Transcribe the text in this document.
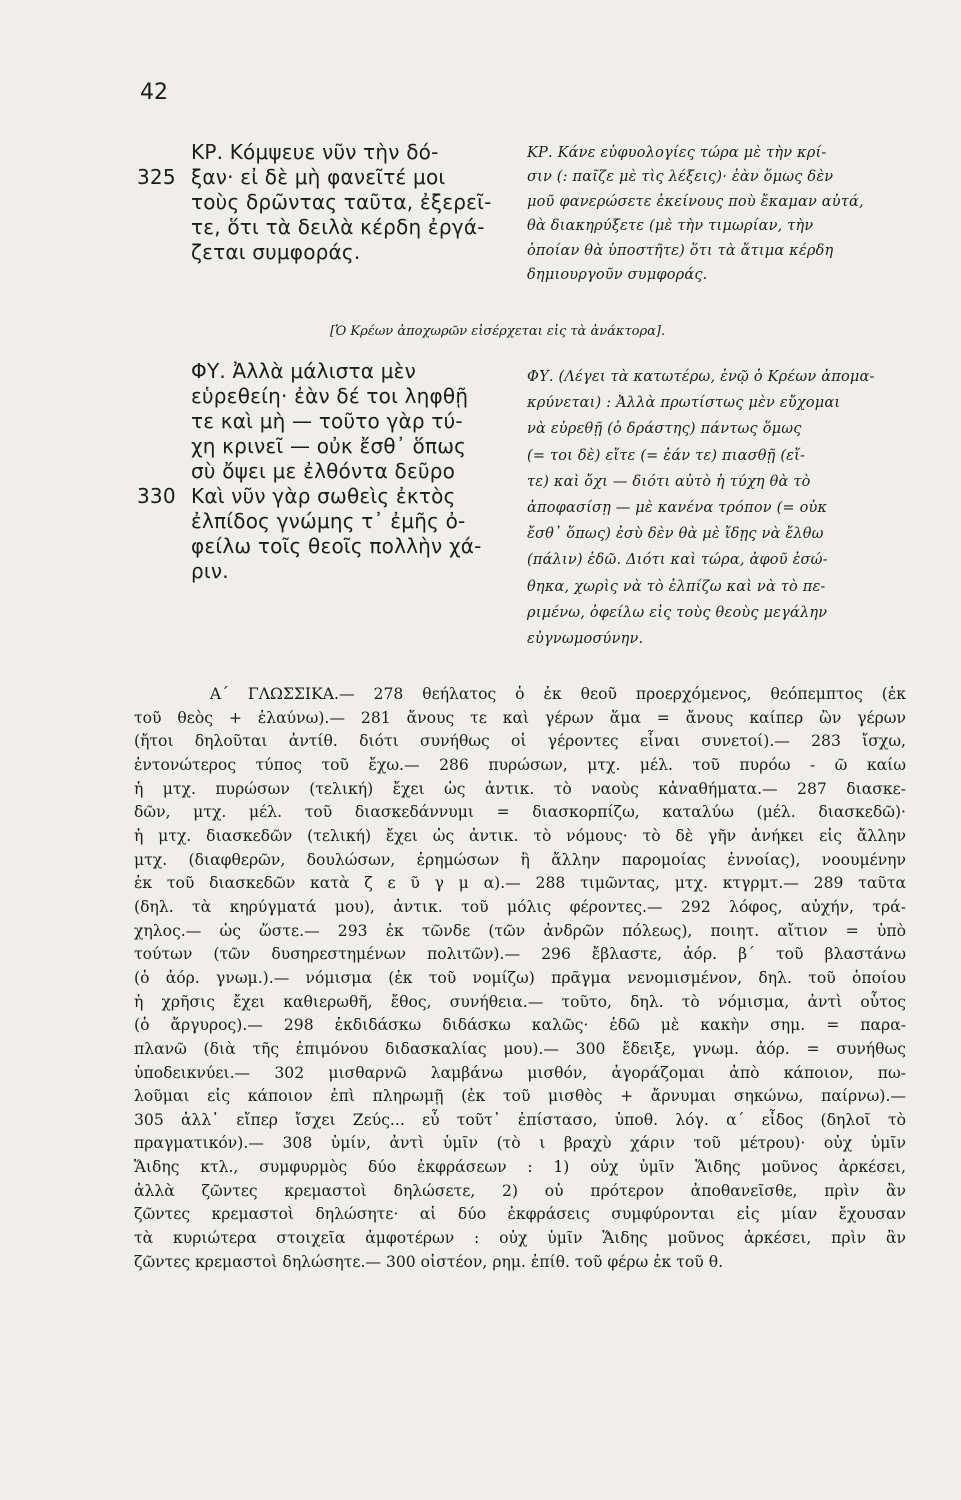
42
ΚΡ. Κόμψευε νῦν τὴν δό-
ξαν· εἰ δὲ μὴ φανεῖτέ μοι
τοὺς δρῶντας ταῦτα, ἐξερεῖ-
τε, ὅτι τὰ δειλὰ κέρδη ἐργά-
ζεται συμφοράς.

325
ΚΡ. Κάνε εὐφυολογίες τώρα μὲ τὴν κρί-
σιν (: παῖζε μὲ τὶς λέξεις)· ἐὰν ὅμως δὲν
μοῦ φανερώσετε ἐκείνους ποὺ ἔκαμαν αὐτά,
θὰ διακηρύξετε (μὲ τὴν τιμωρίαν, τὴν
ὁποίαν θὰ ὑποστῆτε) ὅτι τὰ ἄτιμα κέρδη
δημιουργοῦν συμφοράς.
[Ὁ Κρέων ἀποχωρῶν εἰσέρχεται εἰς τὰ ἀνάκτορα].
ΦΥ. Ἀλλὰ μάλιστα μὲν
εὑρεθείη· ἐὰν δέ τοι ληφθῇ
τε καὶ μὴ — τοῦτο γὰρ τύ-
χη κρινεῖ — οὐκ ἔσθ᾽ ὅπως
σὺ ὄψει με ἐλθόντα δεῦρο
Καὶ νῦν γὰρ σωθεὶς ἐκτὸς
ἐλπίδος γνώμης τ᾽ ἐμῆς ὀ-
φείλω τοῖς θεοῖς πολλὴν χά-
ριν.

330
ΦΥ. (Λέγει τὰ κατωτέρω, ἐνῷ ὁ Κρέων ἀπομα-
κρύνεται) : Ἀλλὰ πρωτίστως μὲν εὔχομαι
νὰ εὑρεθῇ (ὁ δράστης) πάντως ὅμως
(= τοι δὲ) εἴτε (= ἐάν τε) πιασθῇ (εἴ-
τε) καὶ ὄχι — διότι αὐτὸ ἡ τύχη θὰ τὸ
ἀποφασίσῃ — μὲ κανένα τρόπον (= οὐκ
ἔσθ᾽ ὅπως) ἐσὺ δὲν θὰ μὲ ἴδῃς νὰ ἔλθω
(πάλιν) ἐδῶ. Διότι καὶ τώρα, ἀφοῦ ἐσώ-
θηκα, χωρὶς νὰ τὸ ἐλπίζω καὶ νὰ τὸ πε-
ριμένω, ὀφείλω εἰς τοὺς θεοὺς μεγάλην
εὐγνωμοσύνην.

Α΄ ΓΛΩΣΣΙΚΑ.— 278 θεήλατος ὁ ἐκ θεοῦ προερχόμενος, θεόπεμπτος (ἐκ

τοῦ θεὸς + ἐλαύνω).— 281 ἄνους τε καὶ γέρων ἅμα = ἄνους καίπερ ὢν γέρων

(ἤτοι δηλοῦται ἀντίθ. διότι συνήθως οἱ γέροντες εἶναι συνετοί).— 283 ἴσχω,

ἐντονώτερος τύπος τοῦ ἔχω.— 286 πυρώσων, μτχ. μέλ. τοῦ πυρόω - ῶ καίω

ἡ μτχ. πυρώσων (τελική) ἔχει ὡς ἀντικ. τὸ ναοὺς κἀναθήματα.— 287 διασκε-

δῶν, μτχ. μέλ. τοῦ διασκεδάννυμι = διασκορπίζω, καταλύω (μέλ. διασκεδῶ)·

ἡ μτχ. διασκεδῶν (τελική) ἔχει ὡς ἀντικ. τὸ νόμους· τὸ δὲ γῆν ἀνήκει εἰς ἄλλην

μτχ. (διαφθερῶν, δουλώσων, ἐρημώσων ἢ ἄλλην παρομοίας ἐννοίας), νοουμένην

ἐκ τοῦ διασκεδῶν κατὰ ζ ε ῦ γ μ α).— 288 τιμῶντας, μτχ. κτγρμτ.— 289 ταῦτα

(δηλ. τὰ κηρύγματά μου), ἀντικ. τοῦ μόλις φέροντες.— 292 λόφος, αὐχήν, τρά-

χηλος.— ὡς ὥστε.— 293 ἐκ τῶνδε (τῶν ἀνδρῶν πόλεως), ποιητ. αἴτιον = ὑπὸ

τούτων (τῶν δυσηρεστημένων πολιτῶν).— 296 ἔβλαστε, ἀόρ. β΄ τοῦ βλαστάνω

(ὁ ἀόρ. γνωμ.).— νόμισμα (ἐκ τοῦ νομίζω) πρᾶγμα νενομισμένον, δηλ. τοῦ ὁποίου

ἡ χρῆσις ἔχει καθιερωθῆ, ἔθος, συνήθεια.— τοῦτο, δηλ. τὸ νόμισμα, ἀντὶ οὗτος

(ὁ ἄργυρος).— 298 ἐκδιδάσκω διδάσκω καλῶς· ἐδῶ μὲ κακὴν σημ. = παρα-

πλανῶ (διὰ τῆς ἐπιμόνου διδασκαλίας μου).— 300 ἔδειξε, γνωμ. ἀόρ. = συνήθως

ὑποδεικνύει.— 302 μισθαρνῶ λαμβάνω μισθόν, ἀγοράζομαι ἀπὸ κάποιον, πω-

λοῦμαι εἰς κάποιον ἐπὶ πληρωμῇ (ἐκ τοῦ μισθὸς + ἄρνυμαι σηκώνω, παίρνω).—

305 ἀλλ᾽ εἴπερ ἴσχει Ζεύς... εὖ τοῦτ᾽ ἐπίστασο, ὑποθ. λόγ. α΄ εἶδος (δηλοῖ τὸ

πραγματικόν).— 308 ὑμίν, ἀντὶ ὑμῖν (τὸ ι βραχὺ χάριν τοῦ μέτρου)· οὐχ ὑμῖν

Ἅιδης κτλ., συμφυρμὸς δύο ἐκφράσεων : 1) οὐχ ὑμῖν Ἅιδης μοῦνος ἀρκέσει,

ἀλλὰ ζῶντες κρεμαστοὶ δηλώσετε, 2) οὐ πρότερον ἀποθανεῖσθε, πρὶν ἂν

ζῶντες κρεμαστοὶ δηλώσητε· αἱ δύο ἐκφράσεις συμφύρονται εἰς μίαν ἔχουσαν

τὰ κυριώτερα στοιχεῖα ἀμφοτέρων : οὐχ ὑμῖν Ἅιδης μοῦνος ἀρκέσει, πρὶν ἂν

ζῶντες κρεμαστοὶ δηλώσητε.— 300 οἰστέον, ρημ. ἐπίθ. τοῦ φέρω ἐκ τοῦ θ.
